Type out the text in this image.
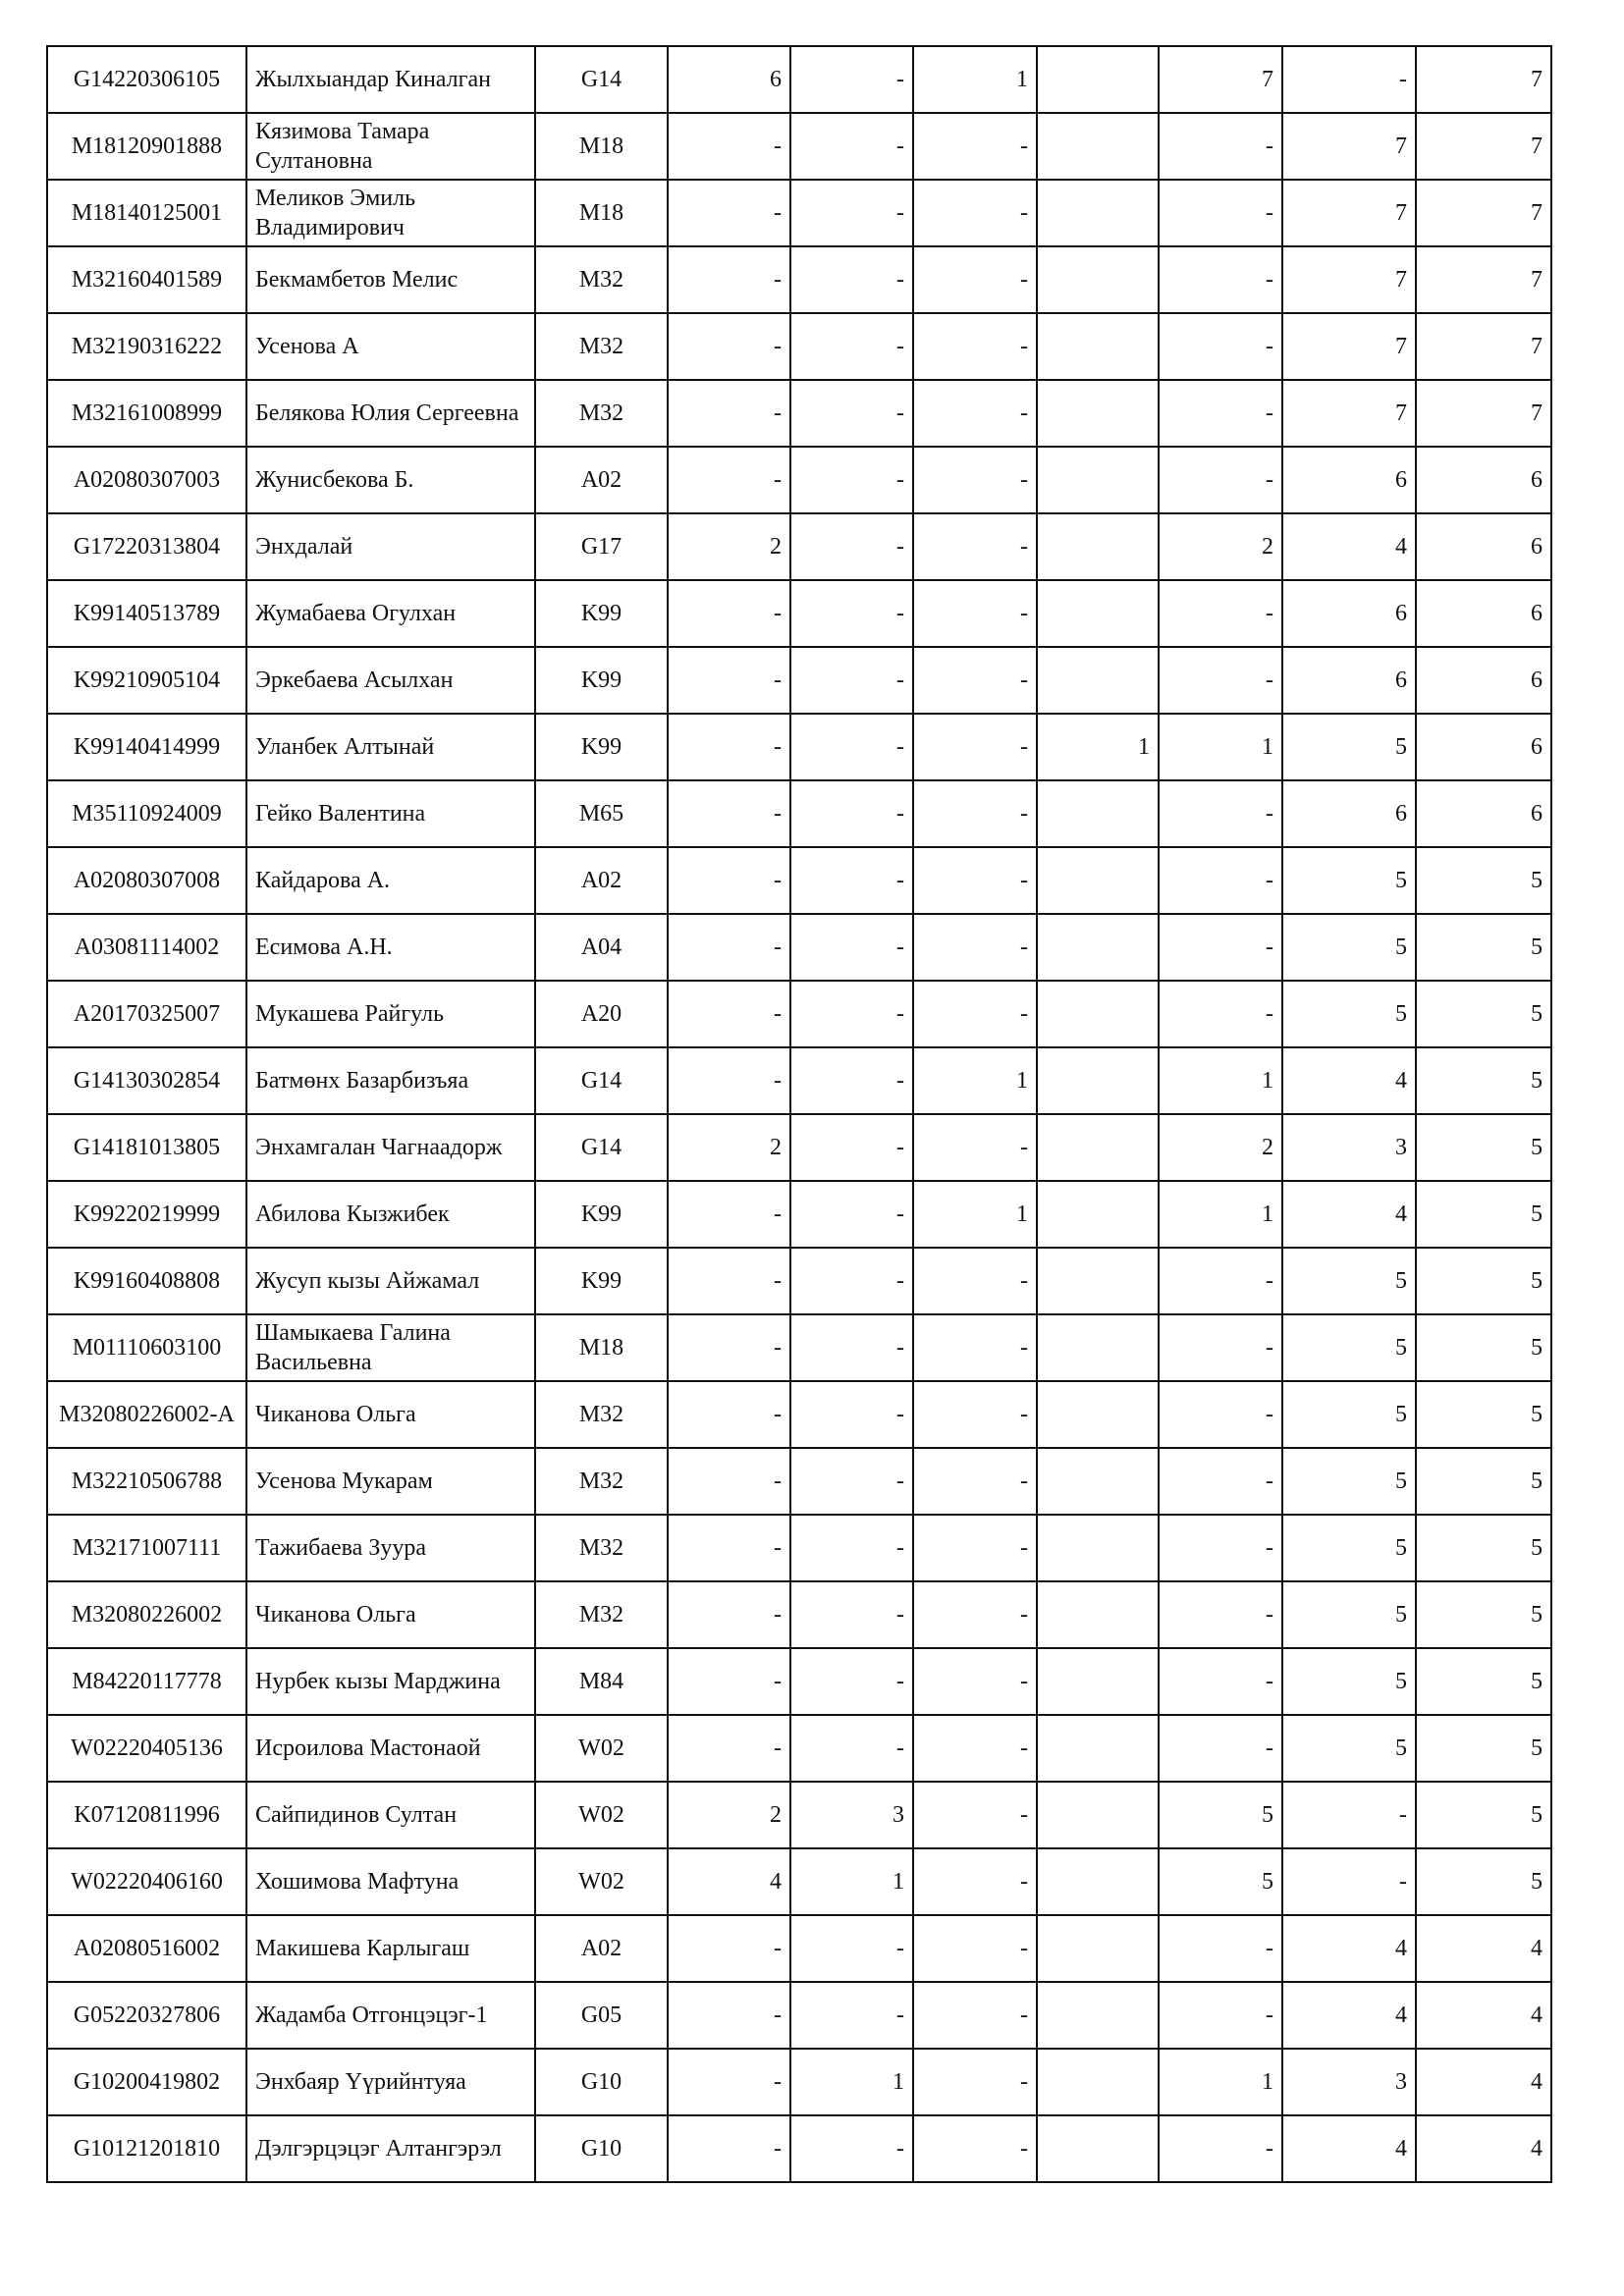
G14220306105	Жылхыандар Киналган	G14	6	-	1		7	-	7
M18120901888	Кязимова Тамара Султановна	M18	-	-	-		-	7	7
M18140125001	Меликов Эмиль Владимирович	M18	-	-	-		-	7	7
M32160401589	Бекмамбетов Мелис	M32	-	-	-		-	7	7
M32190316222	Усенова А	M32	-	-	-		-	7	7
M32161008999	Белякова Юлия Сергеевна	M32	-	-	-		-	7	7
A02080307003	Жунисбекова Б.	A02	-	-	-		-	6	6
G17220313804	Энхдалай	G17	2	-	-		2	4	6
K99140513789	Жумабаева Огулхан	K99	-	-	-		-	6	6
K99210905104	Эркебаева Асылхан	K99	-	-	-		-	6	6
K99140414999	Уланбек Алтынай	K99	-	-	-	1	1	5	6
M35110924009	Гейко Валентина	M65	-	-	-		-	6	6
A02080307008	Кайдарова А.	A02	-	-	-		-	5	5
A03081114002	Есимова А.Н.	A04	-	-	-		-	5	5
A20170325007	Мукашева Райгуль	A20	-	-	-		-	5	5
G14130302854	Батмөнх Базарбизъяа	G14	-	-	1		1	4	5
G14181013805	Энхамгалан Чагнаадорж	G14	2	-	-		2	3	5
K99220219999	Абилова Кызжибек	K99	-	-	1		1	4	5
K99160408808	Жусуп кызы Айжамал	K99	-	-	-		-	5	5
M01110603100	Шамыкаева Галина Васильевна	M18	-	-	-		-	5	5
M32080226002-A	Чиканова Ольга	M32	-	-	-		-	5	5
M32210506788	Усенова Мукарам	M32	-	-	-		-	5	5
M32171007111	Тажибаева Зуура	M32	-	-	-		-	5	5
M32080226002	Чиканова Ольга	M32	-	-	-		-	5	5
M84220117778	Нурбек кызы Марджина	M84	-	-	-		-	5	5
W02220405136	Исроилова Мастонаой	W02	-	-	-		-	5	5
K07120811996	Сайпидинов Султан	W02	2	3	-		5	-	5
W02220406160	Хошимова Мафтуна	W02	4	1	-		5	-	5
A02080516002	Макишева Карлыгаш	A02	-	-	-		-	4	4
G05220327806	Жадамба Отгонцэцэг-1	G05	-	-	-		-	4	4
G10200419802	Энхбаяр Үүрийнтуяа	G10	-	1	-		1	3	4
G10121201810	Дэлгэрцэцэг Алтангэрэл	G10	-	-	-		-	4	4
